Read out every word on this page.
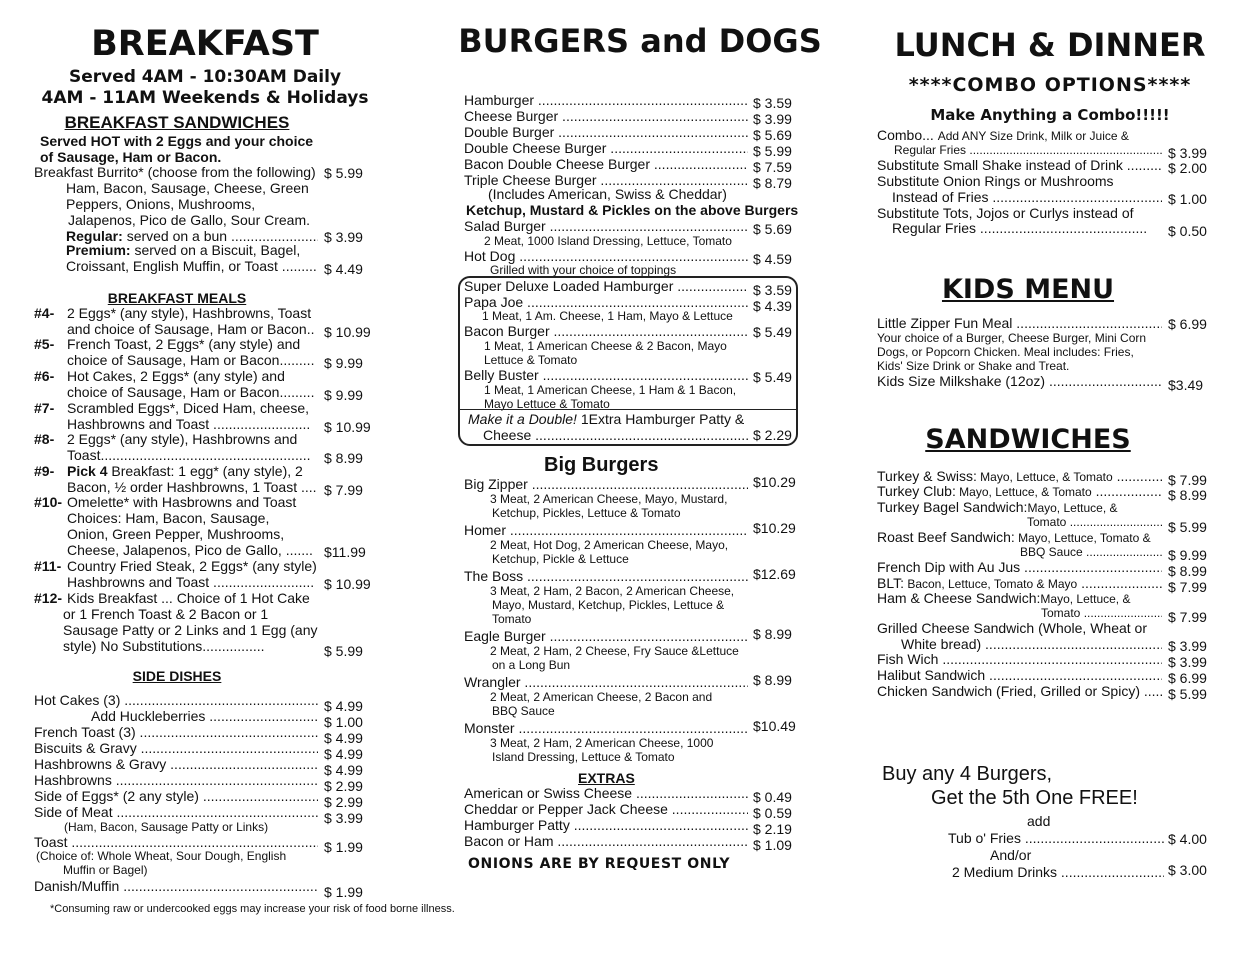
BREAKFAST
Served 4AM - 10:30AM Daily
4AM - 11AM Weekends & Holidays
BREAKFAST SANDWICHES
Served HOT with 2 Eggs and your choice
of Sausage, Ham or Bacon.
Breakfast Burrito* (choose from the following) $ 5.99
Ham, Bacon, Sausage, Cheese, Green
Peppers, Onions, Mushrooms,
Jalapenos, Pico de Gallo, Sour Cream.
Regular: served on a bun .....	$ 3.99
Premium: served on a Biscuit, Bagel,
Croissant, English Muffin, or Toast .....	$ 4.49
BREAKFAST MEALS
#4- 2 Eggs* (any style), Hashbrowns, Toast
and choice of Sausage, Ham or Bacon.. $ 10.99
#5- French Toast, 2 Eggs* (any style) and
choice of Sausage, Ham or Bacon......... $ 9.99
#6- Hot Cakes, 2 Eggs* (any style) and
choice of Sausage, Ham or Bacon......... $ 9.99
#7- Scrambled Eggs*, Diced Ham, cheese,
Hashbrowns and Toast ......................... $ 10.99
#8- 2 Eggs* (any style), Hashbrowns and
Toast...................................................... $ 8.99
#9- Pick 4 Breakfast: 1 egg* (any style), 2
Bacon, ½ order Hashbrowns, 1 Toast .... $ 7.99
#10- Omelette* with Hasbrowns and Toast
Choices: Ham, Bacon, Sausage,
Onion, Green Pepper, Mushrooms,
Cheese, Jalapenos, Pico de Gallo, ....... $11.99
#11- Country Fried Steak, 2 Eggs* (any style)
Hashbrowns and Toast .......................... $ 10.99
#12- Kids Breakfast ... Choice of 1 Hot Cake
or 1 French Toast & 2 Bacon or 1
Sausage Patty or 2 Links and 1 Egg (any
style) No Substitutions................	$ 5.99
SIDE DISHES
Hot Cakes (3) .....	$ 4.99
Add Huckleberries .....	$ 1.00
French Toast (3) .....	$ 4.99
Biscuits & Gravy .....	$ 4.99
Hashbrowns & Gravy .....	$ 4.99
Hashbrowns .....	$ 2.99
Side of Eggs* (2 any style) .....	$ 2.99
Side of Meat .....	$ 3.99
(Ham, Bacon, Sausage Patty or Links)
Toast .....	$ 1.99
(Choice of: Whole Wheat, Sour Dough, English
Muffin or Bagel)
Danish/Muffin .....	$ 1.99
*Consuming raw or undercooked eggs may increase your risk of food borne illness.
BURGERS and DOGS
Hamburger .....	$ 3.59
Cheese Burger .....	$ 3.99
Double Burger .....	$ 5.69
Double Cheese Burger .....	$ 5.99
Bacon Double Cheese Burger .....	$ 7.59
Triple Cheese Burger .....	$ 8.79
(Includes American, Swiss & Cheddar)
Ketchup, Mustard & Pickles on the above Burgers
Salad Burger .....	$ 5.69
2 Meat, 1000 Island Dressing, Lettuce, Tomato
Hot Dog .....	$ 4.59
Grilled with your choice of toppings
Super Deluxe Loaded Hamburger .....	$ 3.59
Papa Joe .....	$ 4.39
1 Meat, 1 Am. Cheese, 1 Ham, Mayo & Lettuce
Bacon Burger .....	$ 5.49
1 Meat, 1 American Cheese & 2 Bacon, Mayo
Lettuce & Tomato
Belly Buster .....	$ 5.49
1 Meat, 1 American Cheese, 1 Ham & 1 Bacon,
Mayo Lettuce & Tomato
Make it a Double! 1Extra Hamburger Patty &
Cheese .....	$ 2.29
Big Burgers
Big Zipper .....	$10.29
3 Meat, 2 American Cheese, Mayo, Mustard,
Ketchup, Pickles, Lettuce & Tomato
Homer .....	$10.29
2 Meat, Hot Dog, 2 American Cheese, Mayo,
Ketchup, Pickle & Lettuce
The Boss .....	$12.69
3 Meat, 2 Ham, 2 Bacon, 2 American Cheese,
Mayo, Mustard, Ketchup, Pickles, Lettuce &
Tomato
Eagle Burger .....	$ 8.99
2 Meat, 2 Ham, 2 Cheese, Fry Sauce &Lettuce
on a Long Bun
Wrangler .....	$ 8.99
2 Meat, 2 American Cheese, 2 Bacon and
BBQ Sauce
Monster .....	$10.49
3 Meat, 2 Ham, 2 American Cheese, 1000
Island Dressing, Lettuce & Tomato
EXTRAS
American or Swiss Cheese .....	$ 0.49
Cheddar or Pepper Jack Cheese .....	$ 0.59
Hamburger Patty .....	$ 2.19
Bacon or Ham .....	$ 1.09
ONIONS ARE BY REQUEST ONLY
LUNCH & DINNER
****COMBO OPTIONS****
Make Anything a Combo!!!!!
Combo... Add ANY Size Drink, Milk or Juice &
Regular Fries .....	$ 3.99
Substitute Small Shake instead of Drink .....	$ 2.00
Substitute Onion Rings or Mushrooms
Instead of Fries .....	$ 1.00
Substitute Tots, Jojos or Curlys instead of
Regular Fries .....	$ 0.50
KIDS MENU
Little Zipper Fun Meal .....	$ 6.99
Your choice of a Burger, Cheese Burger, Mini Corn
Dogs, or Popcorn Chicken. Meal includes: Fries,
Kids' Size Drink or Shake and Treat.
Kids Size Milkshake (12oz) .....	$3.49
SANDWICHES
Turkey & Swiss: Mayo, Lettuce, & Tomato .....	$ 7.99
Turkey Club: Mayo, Lettuce, & Tomato .....	$ 8.99
Turkey Bagel Sandwich:Mayo, Lettuce, &
Tomato .....	$ 5.99
Roast Beef Sandwich: Mayo, Lettuce, Tomato &
BBQ Sauce .....	$ 9.99
French Dip with Au Jus .....	$ 8.99
BLT: Bacon, Lettuce, Tomato & Mayo .....	$ 7.99
Ham & Cheese Sandwich:Mayo, Lettuce, &
Tomato .....	$ 7.99
Grilled Cheese Sandwich (Whole, Wheat or
White bread) .....	$ 3.99
Fish Wich .....	$ 3.99
Halibut Sandwich .....	$ 6.99
Chicken Sandwich (Fried, Grilled or Spicy) .....	$ 5.99
Buy any 4 Burgers,
Get the 5th One FREE!
add
Tub o' Fries .....	$ 4.00
And/or
2 Medium Drinks .....	$ 3.00
